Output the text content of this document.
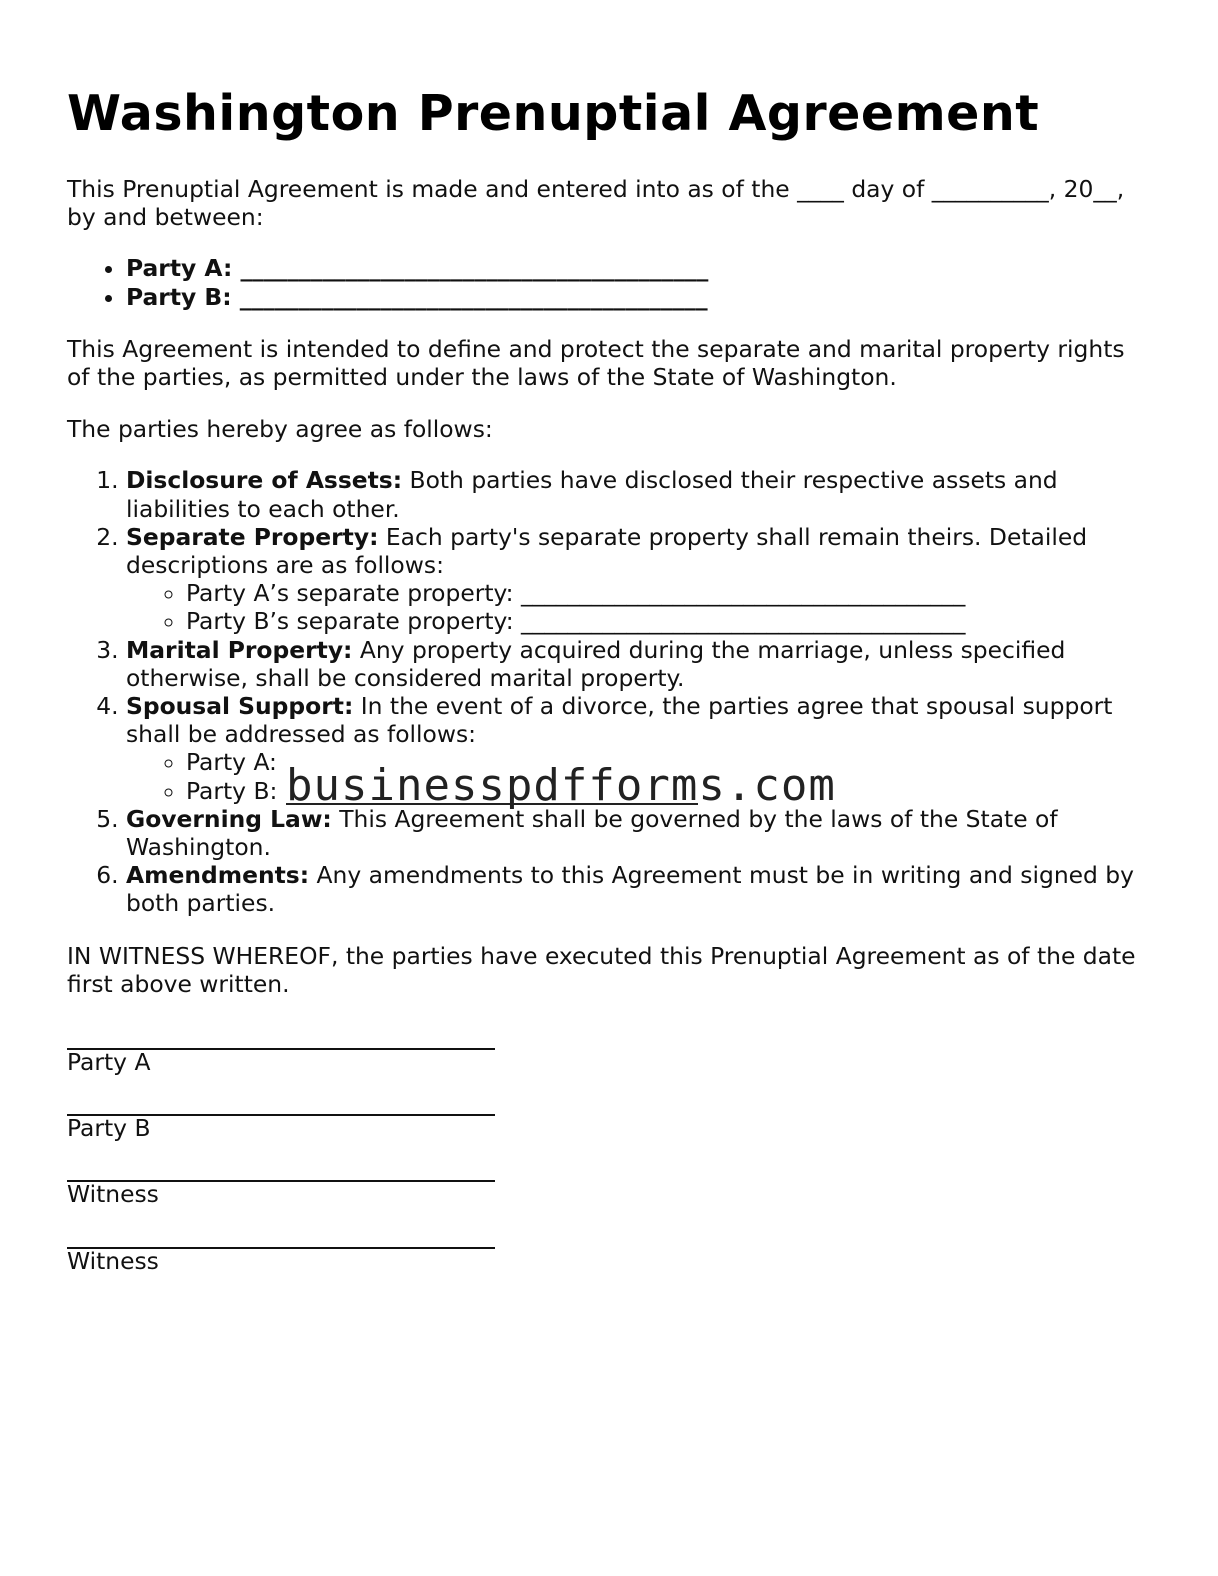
Washington Prenuptial Agreement

This Prenuptial Agreement is made and entered into as of the ____ day of __________, 20__,
by and between:

• Party A: ________________________________________
• Party B: ________________________________________

This Agreement is intended to define and protect the separate and marital property rights of the parties, as permitted under the laws of the State of Washington.

The parties hereby agree as follows:

1. Disclosure of Assets: Both parties have disclosed their respective assets and liabilities to each other.
2. Separate Property: Each party's separate property shall remain theirs. Detailed descriptions are as follows:
◦ Party A’s separate property: ______________________________________
◦ Party B’s separate property: ______________________________________
3. Marital Property: Any property acquired during the marriage, unless specified otherwise, shall be considered marital property.
4. Spousal Support: In the event of a divorce, the parties agree that spousal support shall be addressed as follows:
◦ Party A:
◦ Party B:
5. Governing Law: This Agreement shall be governed by the laws of the State of Washington.
6. Amendments: Any amendments to this Agreement must be in writing and signed by both parties.

IN WITNESS WHEREOF, the parties have executed this Prenuptial Agreement as of the date first above written.

Party A
Party B
Witness
Witness
businesspdfforms.com
